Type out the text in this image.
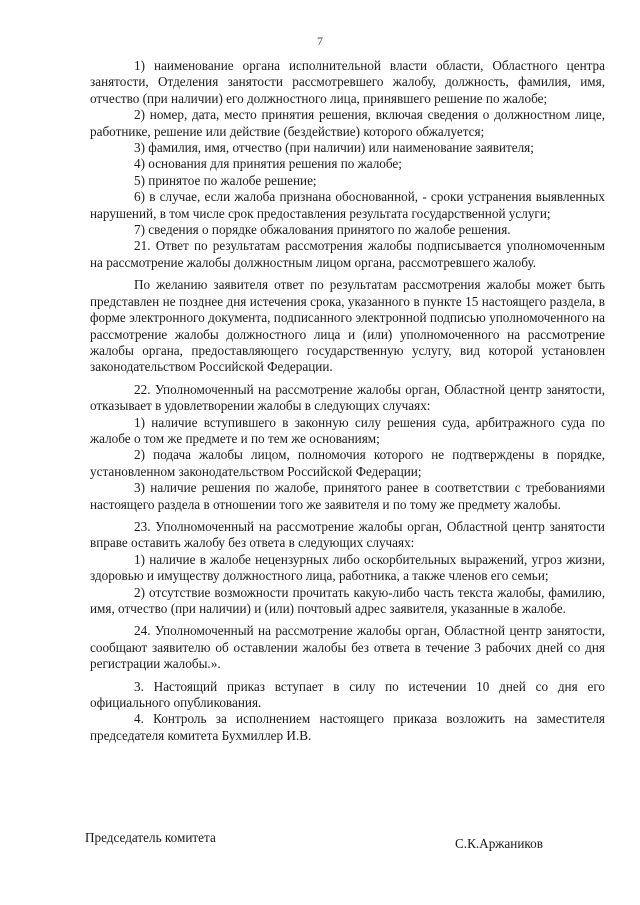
7

1) наименование органа исполнительной власти области, Областного центра занятости, Отделения занятости рассмотревшего жалобу, должность, фамилия, имя, отчество (при наличии) его должностного лица, принявшего решение по жалобе;

2) номер, дата, место принятия решения, включая сведения о должностном лице, работнике, решение или действие (бездействие) которого обжалуется;

3) фамилия, имя, отчество (при наличии) или наименование заявителя;

4) основания для принятия решения по жалобе;

5) принятое по жалобе решение;

6) в случае, если жалоба признана обоснованной, - сроки устранения выявленных нарушений, в том числе срок предоставления результата государственной услуги;

7) сведения о порядке обжалования принятого по жалобе решения.

21. Ответ по результатам рассмотрения жалобы подписывается уполномоченным на рассмотрение жалобы должностным лицом органа, рассмотревшего жалобу.

По желанию заявителя ответ по результатам рассмотрения жалобы может быть представлен не позднее дня истечения срока, указанного в пункте 15 настоящего раздела, в форме электронного документа, подписанного электронной подписью уполномоченного на рассмотрение жалобы должностного лица и (или) уполномоченного на рассмотрение жалобы органа, предоставляющего государственную услугу, вид которой установлен законодательством Российской Федерации.

22. Уполномоченный на рассмотрение жалобы орган, Областной центр занятости, отказывает в удовлетворении жалобы в следующих случаях:

1) наличие вступившего в законную силу решения суда, арбитражного суда по жалобе о том же предмете и по тем же основаниям;

2) подача жалобы лицом, полномочия которого не подтверждены в порядке, установленном законодательством Российской Федерации;

3) наличие решения по жалобе, принятого ранее в соответствии с требованиями настоящего раздела в отношении того же заявителя и по тому же предмету жалобы.

23. Уполномоченный на рассмотрение жалобы орган, Областной центр занятости вправе оставить жалобу без ответа в следующих случаях:

1) наличие в жалобе нецензурных либо оскорбительных выражений, угроз жизни, здоровью и имуществу должностного лица, работника, а также членов его семьи;

2) отсутствие возможности прочитать какую-либо часть текста жалобы, фамилию, имя, отчество (при наличии) и (или) почтовый адрес заявителя, указанные в жалобе.

24. Уполномоченный на рассмотрение жалобы орган, Областной центр занятости, сообщают заявителю об оставлении жалобы без ответа в течение 3 рабочих дней со дня регистрации жалобы.».

3. Настоящий приказ вступает в силу по истечении 10 дней со дня его официального опубликования.

4. Контроль за исполнением настоящего приказа возложить на заместителя председателя комитета Бухмиллер И.В.

Председатель комитета	С.К.Аржаников
